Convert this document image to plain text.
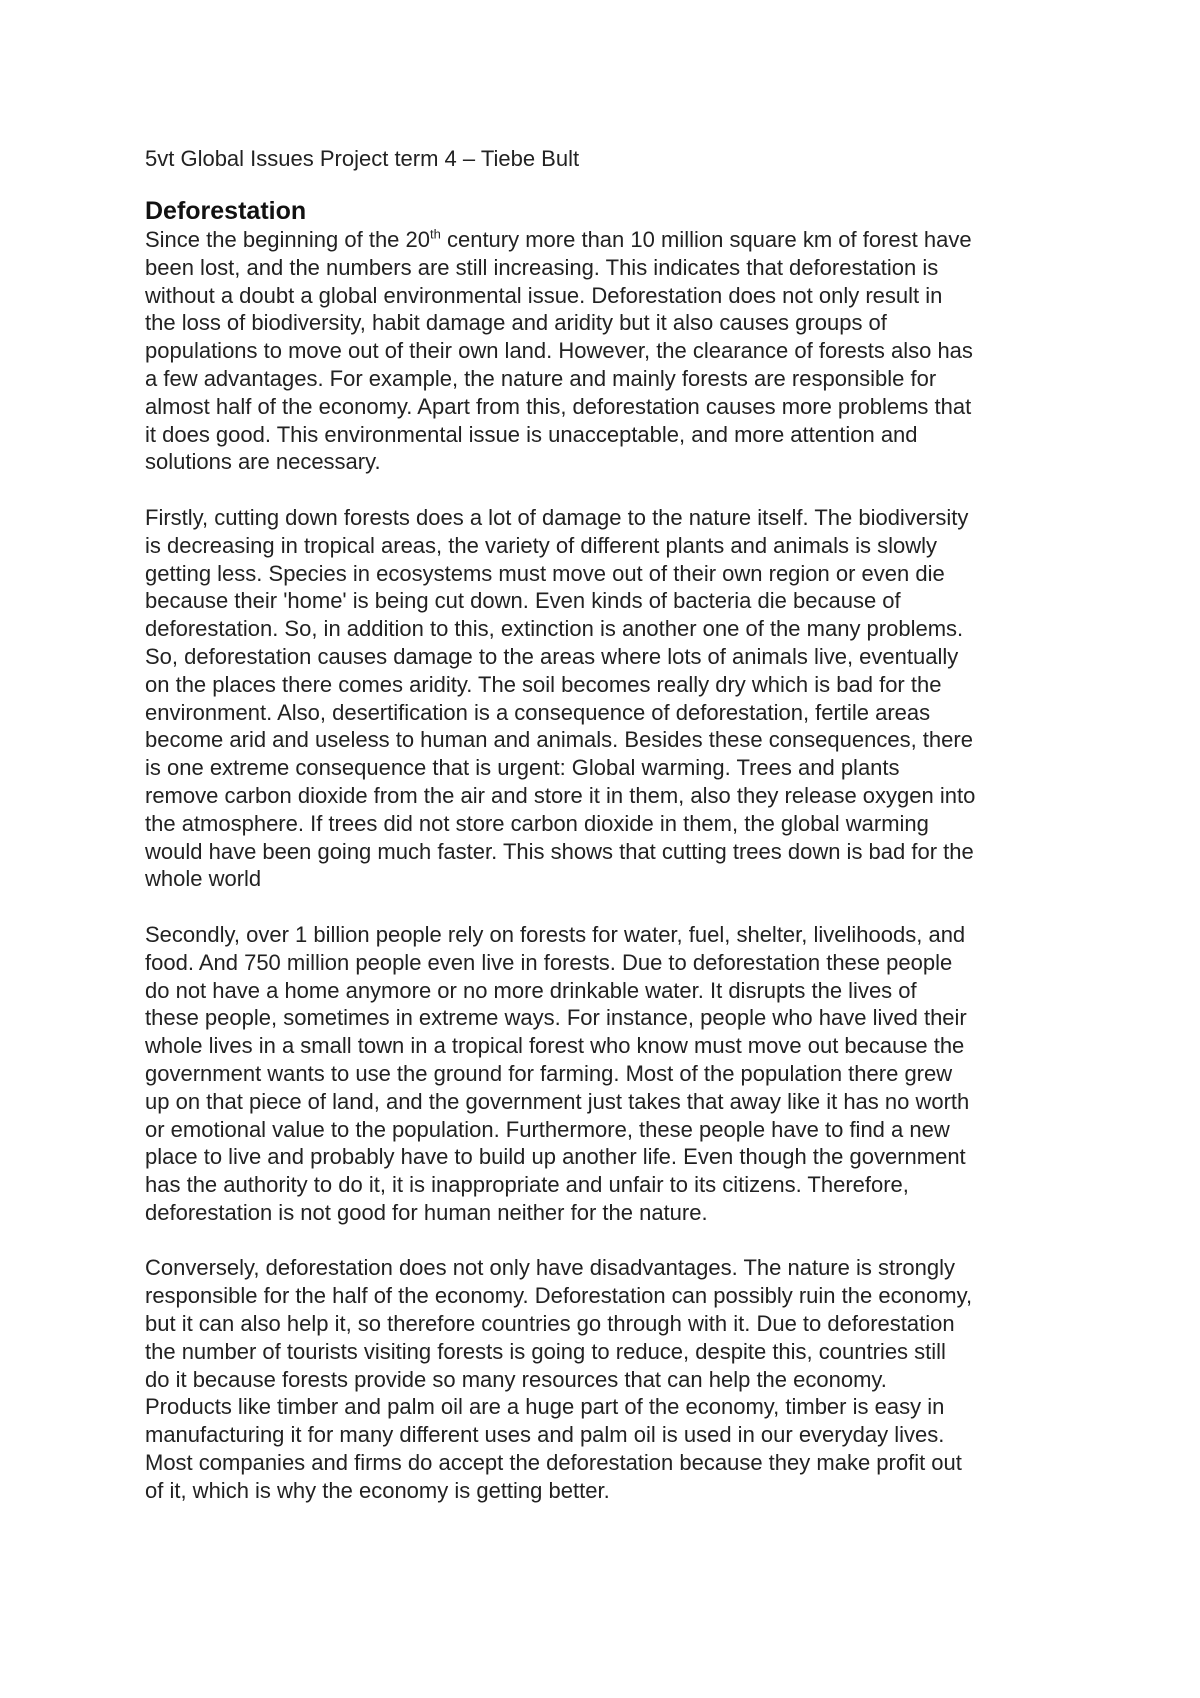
5vt Global Issues Project term 4 – Tiebe Bult
Deforestation
Since the beginning of the 20th century more than 10 million square km of forest have
been lost, and the numbers are still increasing. This indicates that deforestation is
without a doubt a global environmental issue. Deforestation does not only result in
the loss of biodiversity, habit damage and aridity but it also causes groups of
populations to move out of their own land. However, the clearance of forests also has
a few advantages. For example, the nature and mainly forests are responsible for
almost half of the economy. Apart from this, deforestation causes more problems that
it does good. This environmental issue is unacceptable, and more attention and
solutions are necessary.
Firstly, cutting down forests does a lot of damage to the nature itself. The biodiversity
is decreasing in tropical areas, the variety of different plants and animals is slowly
getting less. Species in ecosystems must move out of their own region or even die
because their 'home' is being cut down. Even kinds of bacteria die because of
deforestation. So, in addition to this, extinction is another one of the many problems.
So, deforestation causes damage to the areas where lots of animals live, eventually
on the places there comes aridity. The soil becomes really dry which is bad for the
environment. Also, desertification is a consequence of deforestation, fertile areas
become arid and useless to human and animals. Besides these consequences, there
is one extreme consequence that is urgent: Global warming. Trees and plants
remove carbon dioxide from the air and store it in them, also they release oxygen into
the atmosphere. If trees did not store carbon dioxide in them, the global warming
would have been going much faster. This shows that cutting trees down is bad for the
whole world
Secondly, over 1 billion people rely on forests for water, fuel, shelter, livelihoods, and
food. And 750 million people even live in forests. Due to deforestation these people
do not have a home anymore or no more drinkable water. It disrupts the lives of
these people, sometimes in extreme ways. For instance, people who have lived their
whole lives in a small town in a tropical forest who know must move out because the
government wants to use the ground for farming. Most of the population there grew
up on that piece of land, and the government just takes that away like it has no worth
or emotional value to the population. Furthermore, these people have to find a new
place to live and probably have to build up another life. Even though the government
has the authority to do it, it is inappropriate and unfair to its citizens. Therefore,
deforestation is not good for human neither for the nature.
Conversely, deforestation does not only have disadvantages. The nature is strongly
responsible for the half of the economy. Deforestation can possibly ruin the economy,
but it can also help it, so therefore countries go through with it. Due to deforestation
the number of tourists visiting forests is going to reduce, despite this, countries still
do it because forests provide so many resources that can help the economy.
Products like timber and palm oil are a huge part of the economy, timber is easy in
manufacturing it for many different uses and palm oil is used in our everyday lives.
Most companies and firms do accept the deforestation because they make profit out
of it, which is why the economy is getting better.
